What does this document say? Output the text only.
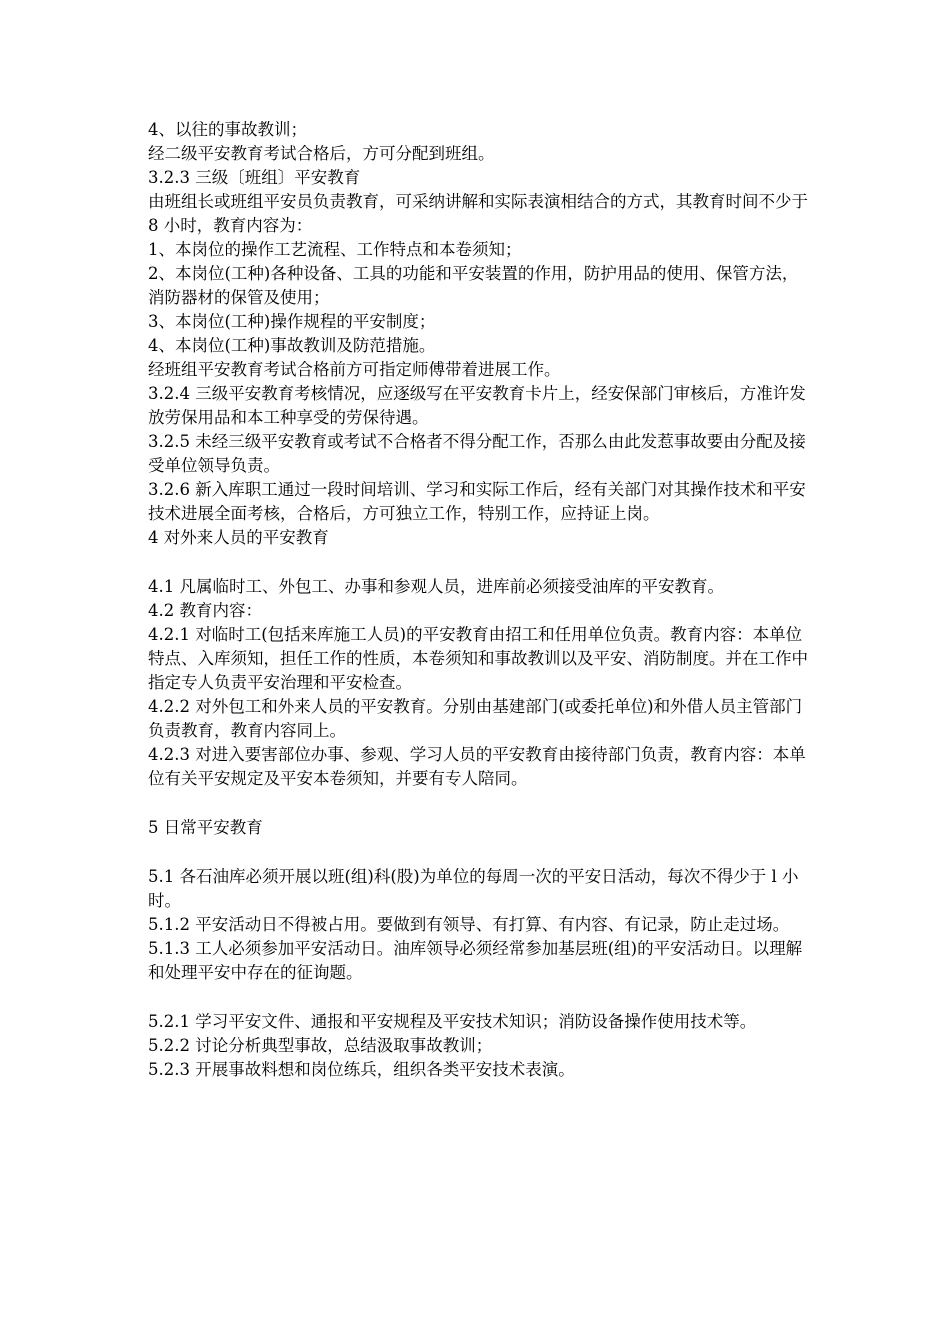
4、以往的事故教训；

经二级平安教育考试合格后，方可分配到班组。

3.2.3 三级〔班组〕平安教育

由班组长或班组平安员负责教育，可采纳讲解和实际表演相结合的方式，其教育时间不少于 8 小时，教育内容为：

1、本岗位的操作工艺流程、工作特点和本卷须知；

2、本岗位(工种)各种设备、工具的功能和平安装置的作用，防护用品的使用、保管方法，消防器材的保管及使用；

3、本岗位(工种)操作规程的平安制度；

4、本岗位(工种)事故教训及防范措施。

经班组平安教育考试合格前方可指定师傅带着进展工作。

3.2.4 三级平安教育考核情况，应逐级写在平安教育卡片上，经安保部门审核后，方准许发放劳保用品和本工种享受的劳保待遇。

3.2.5 未经三级平安教育或考试不合格者不得分配工作，否那么由此发惹事故要由分配及接受单位领导负责。

3.2.6 新入库职工通过一段时间培训、学习和实际工作后，经有关部门对其操作技术和平安技术进展全面考核，合格后，方可独立工作，特别工作，应持证上岗。

4 对外来人员的平安教育

4.1 凡属临时工、外包工、办事和参观人员，进库前必须接受油库的平安教育。

4.2 教育内容：

4.2.1 对临时工(包括来库施工人员)的平安教育由招工和任用单位负责。教育内容：本单位特点、入库须知，担任工作的性质，本卷须知和事故教训以及平安、消防制度。并在工作中指定专人负责平安治理和平安检查。

4.2.2 对外包工和外来人员的平安教育。分别由基建部门(或委托单位)和外借人员主管部门负责教育，教育内容同上。

4.2.3 对进入要害部位办事、参观、学习人员的平安教育由接待部门负责，教育内容：本单位有关平安规定及平安本卷须知，并要有专人陪同。

5 日常平安教育

5.1 各石油库必须开展以班(组)科(股)为单位的每周一次的平安日活动，每次不得少于 l 小时。

5.1.2 平安活动日不得被占用。要做到有领导、有打算、有内容、有记录，防止走过场。

5.1.3 工人必须参加平安活动日。油库领导必须经常参加基层班(组)的平安活动日。以理解和处理平安中存在的征询题。

5.2.1 学习平安文件、通报和平安规程及平安技术知识；消防设备操作使用技术等。

5.2.2 讨论分析典型事故，总结汲取事故教训；

5.2.3 开展事故料想和岗位练兵，组织各类平安技术表演。
